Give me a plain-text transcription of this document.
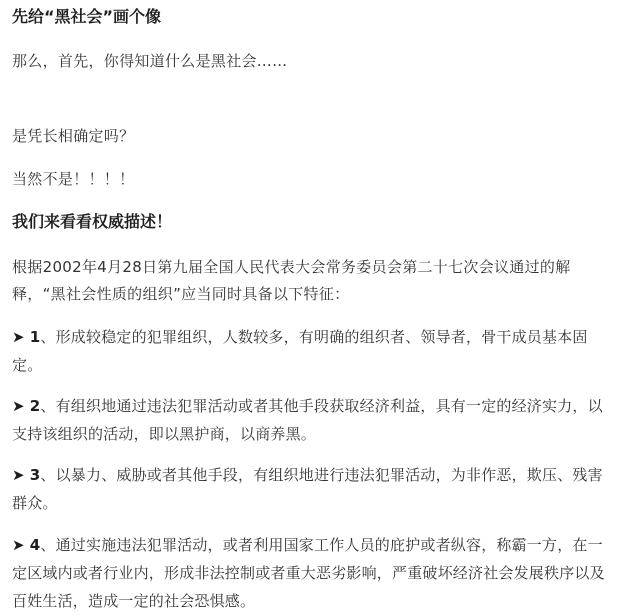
先给“黑社会”画个像

那么，首先，你得知道什么是黑社会……

是凭长相确定吗？

当然不是！！！！

我们来看看权威描述！

根据2002年4月28日第九届全国人民代表大会常务委员会第二十七次会议通过的解释，“黑社会性质的组织”应当同时具备以下特征：

➤ 1、形成较稳定的犯罪组织，人数较多，有明确的组织者、领导者，骨干成员基本固定。

➤ 2、有组织地通过违法犯罪活动或者其他手段获取经济利益，具有一定的经济实力，以支持该组织的活动，即以黑护商，以商养黑。

➤ 3、以暴力、威胁或者其他手段，有组织地进行违法犯罪活动，为非作恶，欺压、残害群众。

➤ 4、通过实施违法犯罪活动，或者利用国家工作人员的庇护或者纵容，称霸一方，在一定区域内或者行业内，形成非法控制或者重大恶劣影响，严重破坏经济社会发展秩序以及百姓生活，造成一定的社会恐惧感。
